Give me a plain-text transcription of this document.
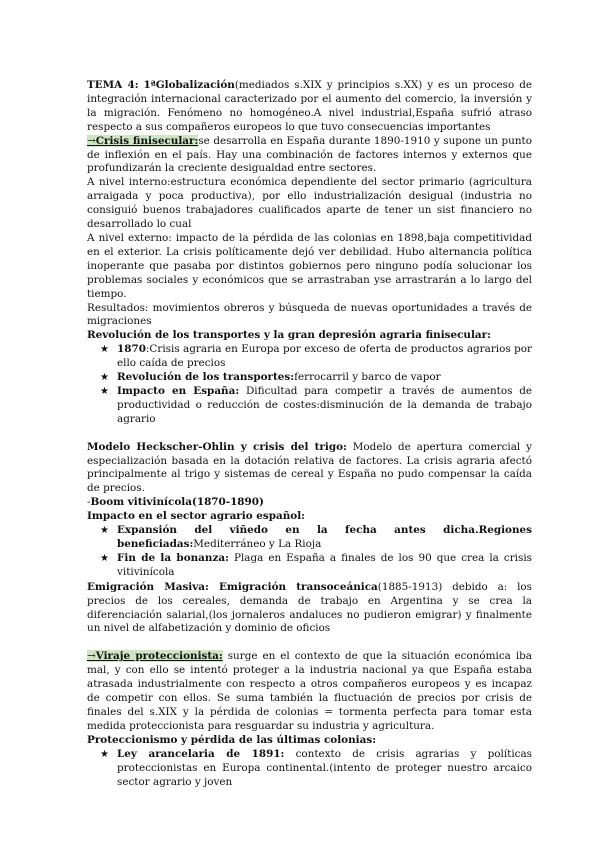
TEMA 4: 1ªGlobalización(mediados s.XIX y principios s.XX) y es un proceso de integración internacional caracterizado por el aumento del comercio, la inversión y la migración. Fenómeno no homogéneo.A nivel industrial,España sufrió atraso respecto a sus compañeros europeos lo que tuvo consecuencias importantes

→Crisis finisecular:se desarrolla en España durante 1890-1910 y supone un punto de inflexión en el país. Hay una combinación de factores internos y externos que profundizarán la creciente desigualdad entre sectores.

A nivel interno:estructura económica dependiente del sector primario (agricultura arraigada y poca productiva), por ello industrialización desigual (industria no consiguió buenos trabajadores cualificados aparte de tener un sist financiero no desarrollado lo cual

A nivel externo: impacto de la pérdida de las colonias en 1898,baja competitividad en el exterior. La crisis políticamente dejó ver debilidad. Hubo alternancia política inoperante que pasaba por distintos gobiernos pero ninguno podía solucionar los problemas sociales y económicos que se arrastraban yse arrastrarán a lo largo del tiempo.

Resultados: movimientos obreros y búsqueda de nuevas oportunidades a través de migraciones

Revolución de los transportes y la gran depresión agraria finisecular:

★ 1870:Crisis agraria en Europa por exceso de oferta de productos agrarios por ello caída de precios
★ Revolución de los transportes:ferrocarril y barco de vapor
★ Impacto en España: Dificultad para competir a través de aumentos de productividad o reducción de costes:disminución de la demanda de trabajo agrario

Modelo Heckscher-Ohlin y crisis del trigo: Modelo de apertura comercial y especialización basada en la dotación relativa de factores. La crisis agraria afectó principalmente al trigo y sistemas de cereal y España no pudo compensar la caída de precios.

-Boom vitivinícola(1870-1890)

Impacto en el sector agrario español:

★ Expansión del viñedo en la fecha antes dicha.Regiones beneficiadas:Mediterráneo y La Rioja
★ Fin de la bonanza: Plaga en España a finales de los 90 que crea la crisis vitivinícola

Emigración Masiva: Emigración transoceánica(1885-1913) debido a: los precios de los cereales, demanda de trabajo en Argentina y se crea la diferenciación salarial,(los jornaleros andaluces no pudieron emigrar) y finalmente un nivel de alfabetización y dominio de oficios

→Viraje proteccionista: surge en el contexto de que la situación económica iba mal, y con ello se intentó proteger a la industria nacional ya que España estaba atrasada industrialmente con respecto a otros compañeros europeos y es incapaz de competir con ellos. Se suma también la fluctuación de precios por crisis de finales del s.XIX y la pérdida de colonias = tormenta perfecta para tomar esta medida proteccionista para resguardar su industria y agricultura.

Proteccionismo y pérdida de las últimas colonias:

★ Ley arancelaria de 1891: contexto de crisis agrarias y políticas proteccionistas en Europa continental.(intento de proteger nuestro arcaico sector agrario y joven
